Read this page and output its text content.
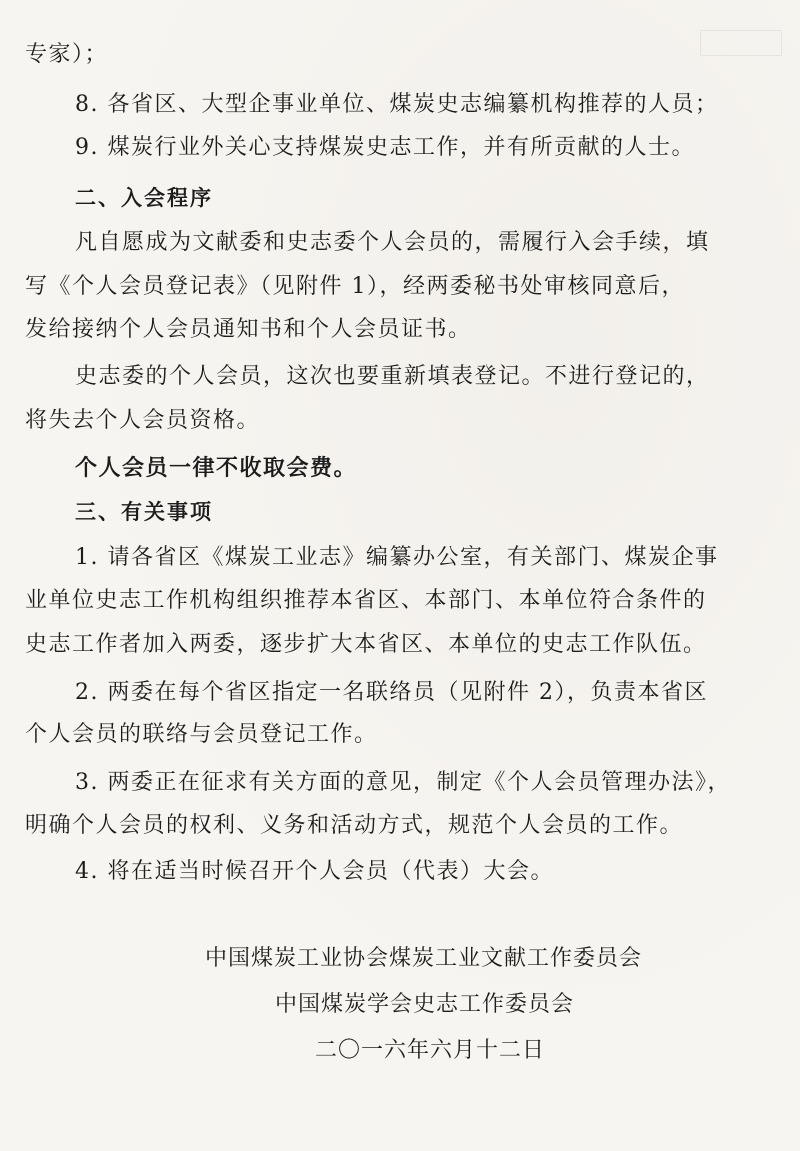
专家）；
8. 各省区、大型企事业单位、煤炭史志编纂机构推荐的人员；
9. 煤炭行业外关心支持煤炭史志工作，并有所贡献的人士。
二、入会程序
凡自愿成为文献委和史志委个人会员的，需履行入会手续，填
写《个人会员登记表》（见附件 1），经两委秘书处审核同意后，
发给接纳个人会员通知书和个人会员证书。
史志委的个人会员，这次也要重新填表登记。不进行登记的，
将失去个人会员资格。
个人会员一律不收取会费。
三、有关事项
1. 请各省区《煤炭工业志》编纂办公室，有关部门、煤炭企事
业单位史志工作机构组织推荐本省区、本部门、本单位符合条件的
史志工作者加入两委，逐步扩大本省区、本单位的史志工作队伍。
2. 两委在每个省区指定一名联络员（见附件 2），负责本省区
个人会员的联络与会员登记工作。
3. 两委正在征求有关方面的意见，制定《个人会员管理办法》，
明确个人会员的权利、义务和活动方式，规范个人会员的工作。
4. 将在适当时候召开个人会员（代表）大会。
中国煤炭工业协会煤炭工业文献工作委员会
中国煤炭学会史志工作委员会
二〇一六年六月十二日
